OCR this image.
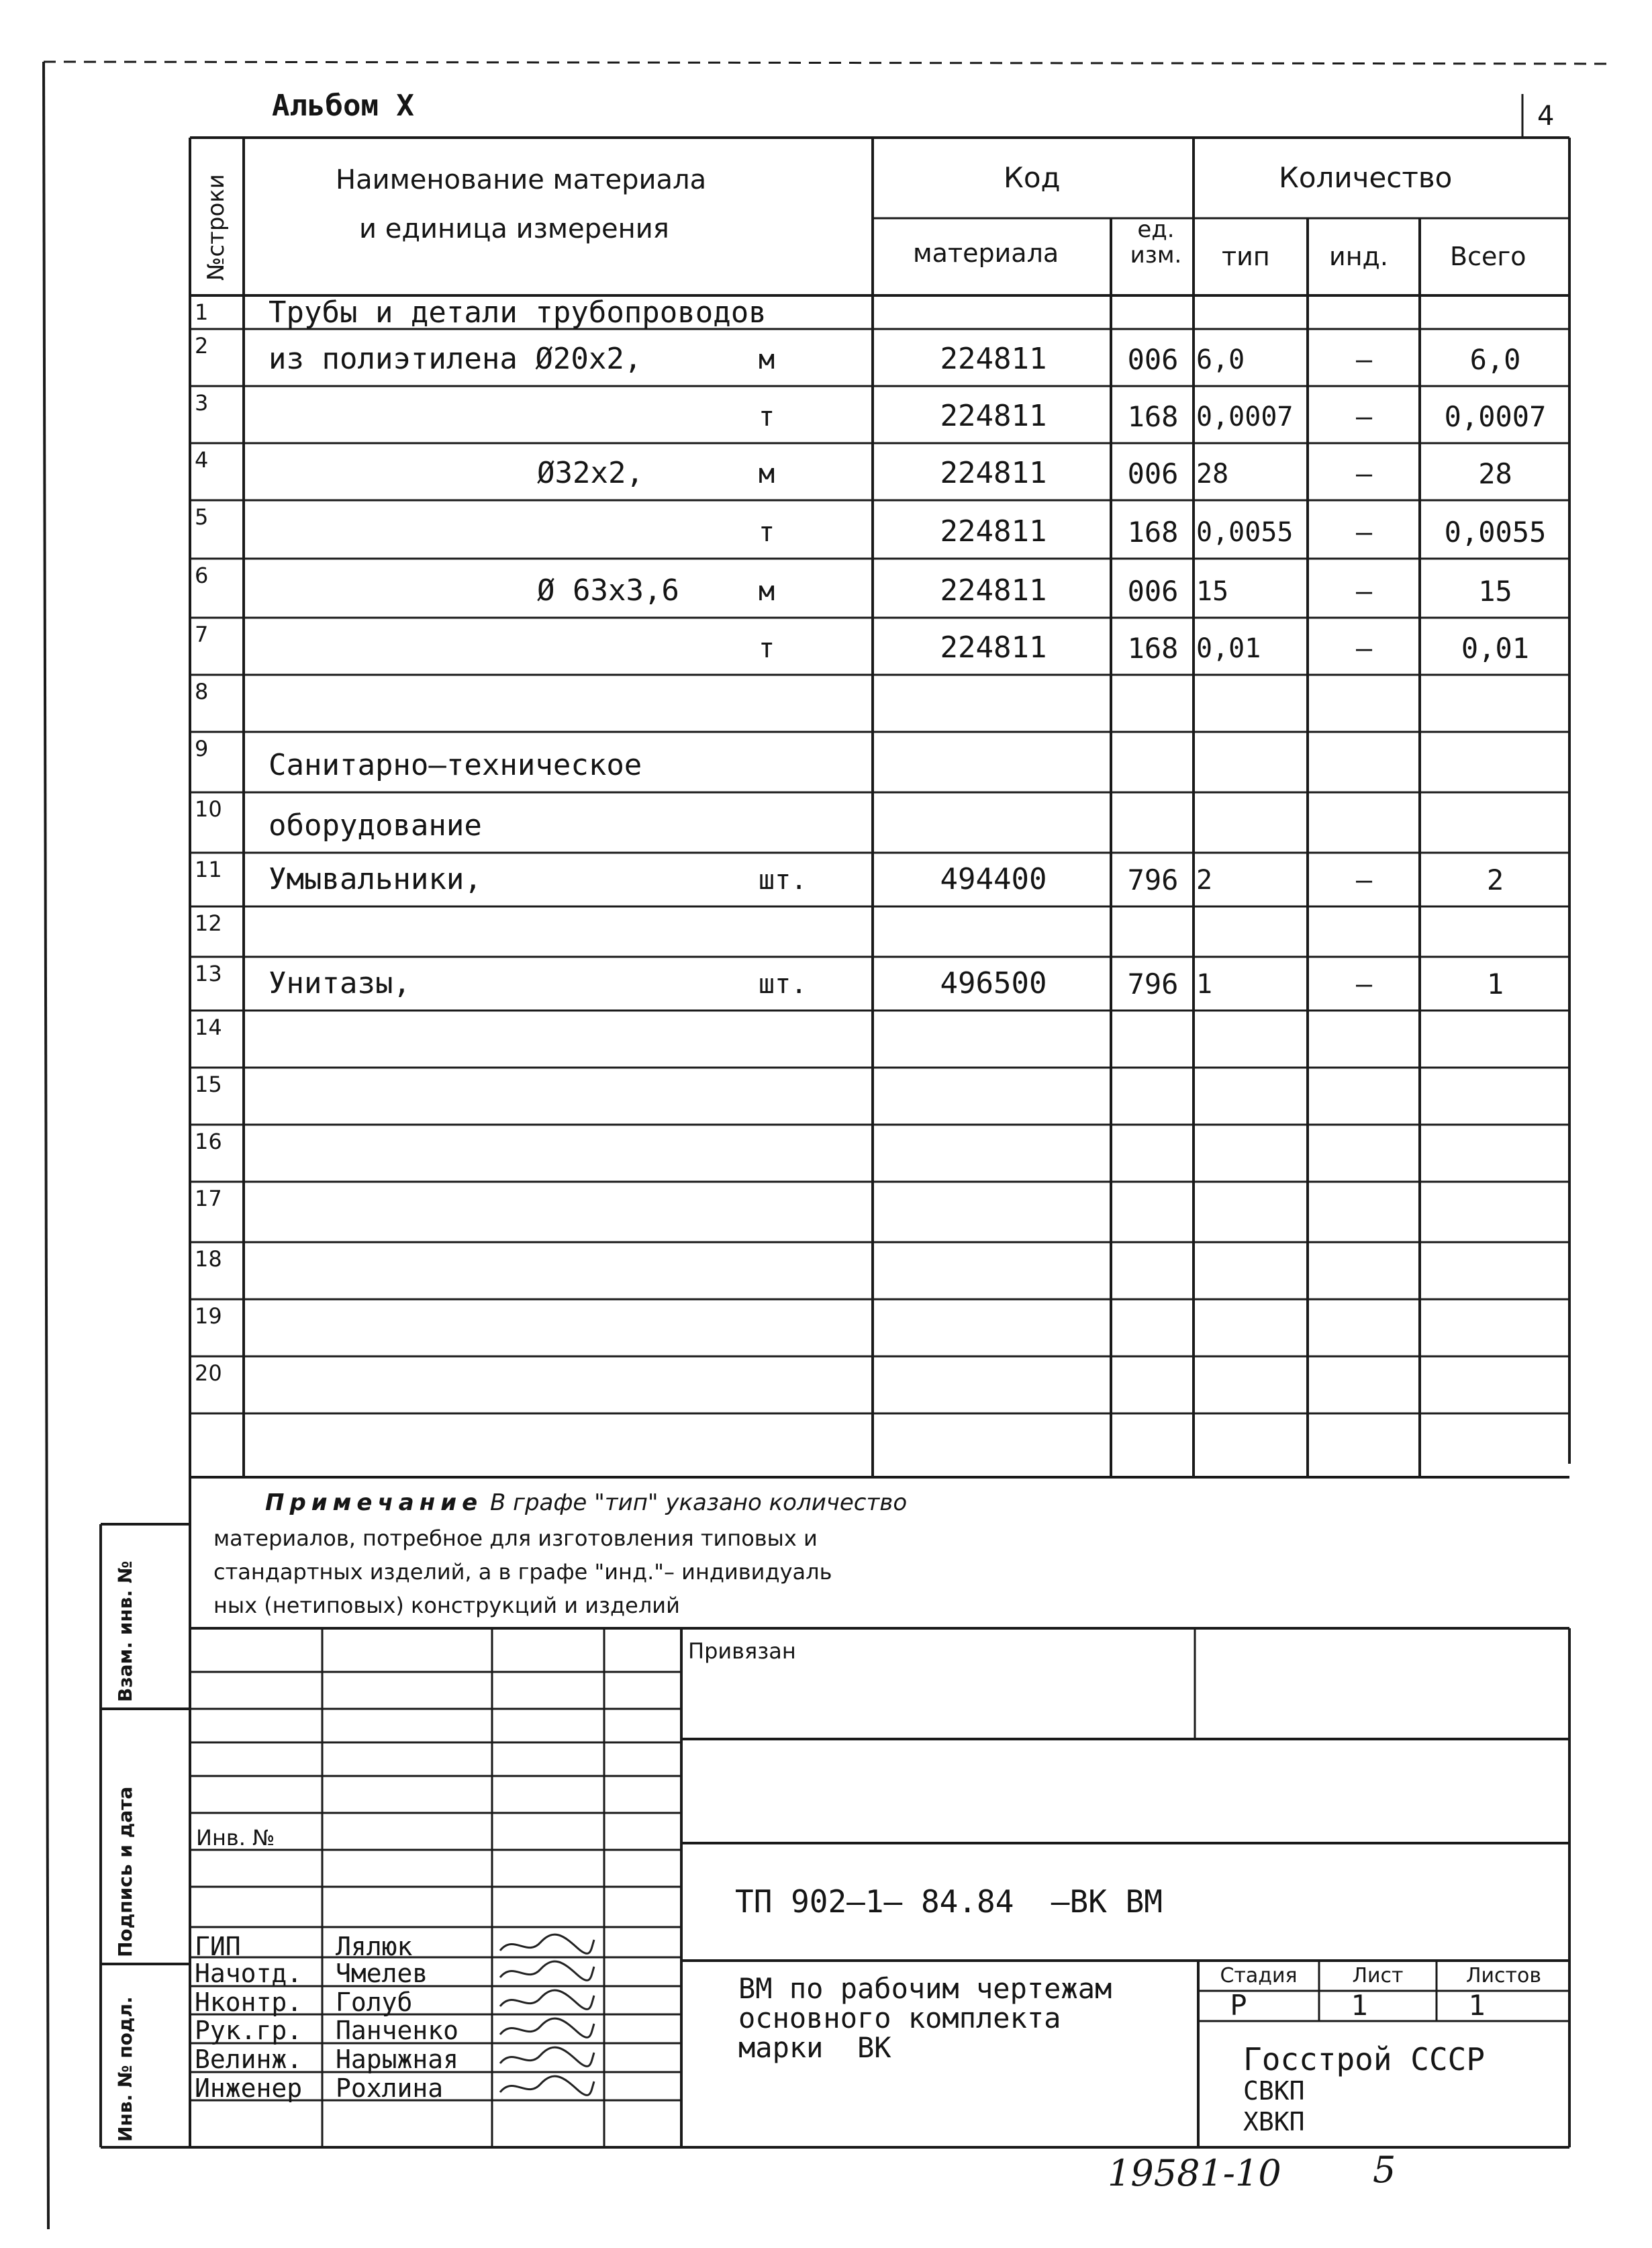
Альбом Х	4
№строки	Наименование материала
и единица измерения
Код	Количество
материала
ед. изм.	тип инд. Всего
1	Трубы и детали трубопроводов
2	из полиэтилена Ø20х2,	м	224811	006 6,0	–	6,0
3	т	224811	168 0,0007	–	0,0007
4	Ø32х2,	м	224811	006 28	–	28
5	т	224811	168 0,0055	–	0,0055
6	Ø 63х3,6	м	224811	006 15	–	15
7	т	224811	168 0,01	–	0,01
8
9	Санитарно–техническое
10	оборудование
11	Умывальники,	шт.	494400	796 2	–	2
12
13	Унитазы,	шт.	496500	796 1	–	1
14
15
16
17
18
19
20
Примечание В графе "тип" указано количество
материалов, потребное для изготовления типовых и
стандартных изделий, а в графе "инд."– индивидуаль
ных (нетиповых) конструкций и изделий
Взам. инв. №
Подпись и дата
Инв. № подл.
Привязан
Инв. №
ТП 902–1– 84.84  –ВК ВМ
ВМ по рабочим чертежам
основного комплекта
марки  ВК
Стадия	Лист	Листов
Р	1	1
Госстрой СССР
СВКП
ХВКП
ГИП	Лялюк
Начотд. Чмелев
Нконтр. Голуб
Рук.гр. Панченко
Велинж. Нарыжная
Инженер Рохлина
19581-10	5
